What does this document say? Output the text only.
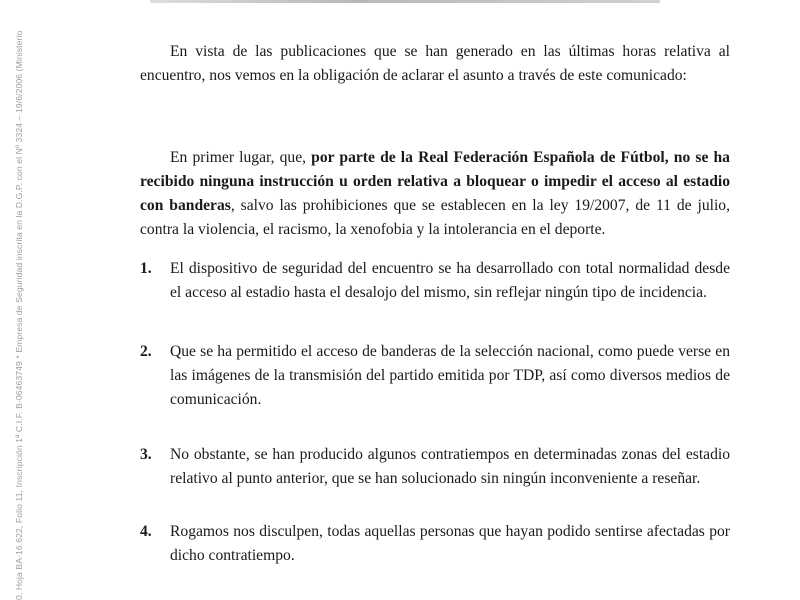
0, Hoja BA-16.622, Folio 11, Inscripción 1ª C.I.F. B-06463749 * Empresa de Seguridad inscrita en la D.G.P. con el Nº 3324 – 19/6/2006 (Ministerio	En vista de las publicaciones que se han generado en las últimas horas relativa al encuentro, nos vemos en la obligación de aclarar el asunto a través de este comunicado:

En primer lugar, que, por parte de la Real Federación Española de Fútbol, no se ha recibido ninguna instrucción u orden relativa a bloquear o impedir el acceso al estadio con banderas, salvo las prohibiciones que se establecen en la ley 19/2007, de 11 de julio, contra la violencia, el racismo, la xenofobia y la intolerancia en el deporte.

1.	El dispositivo de seguridad del encuentro se ha desarrollado con total normalidad desde el acceso al estadio hasta el desalojo del mismo, sin reflejar ningún tipo de incidencia.

2.	Que se ha permitido el acceso de banderas de la selección nacional, como puede verse en las imágenes de la transmisión del partido emitida por TDP, así como diversos medios de comunicación.

3.	No obstante, se han producido algunos contratiempos en determinadas zonas del estadio relativo al punto anterior, que se han solucionado sin ningún inconveniente a reseñar.

4.	Rogamos nos disculpen, todas aquellas personas que hayan podido sentirse afectadas por dicho contratiempo.
